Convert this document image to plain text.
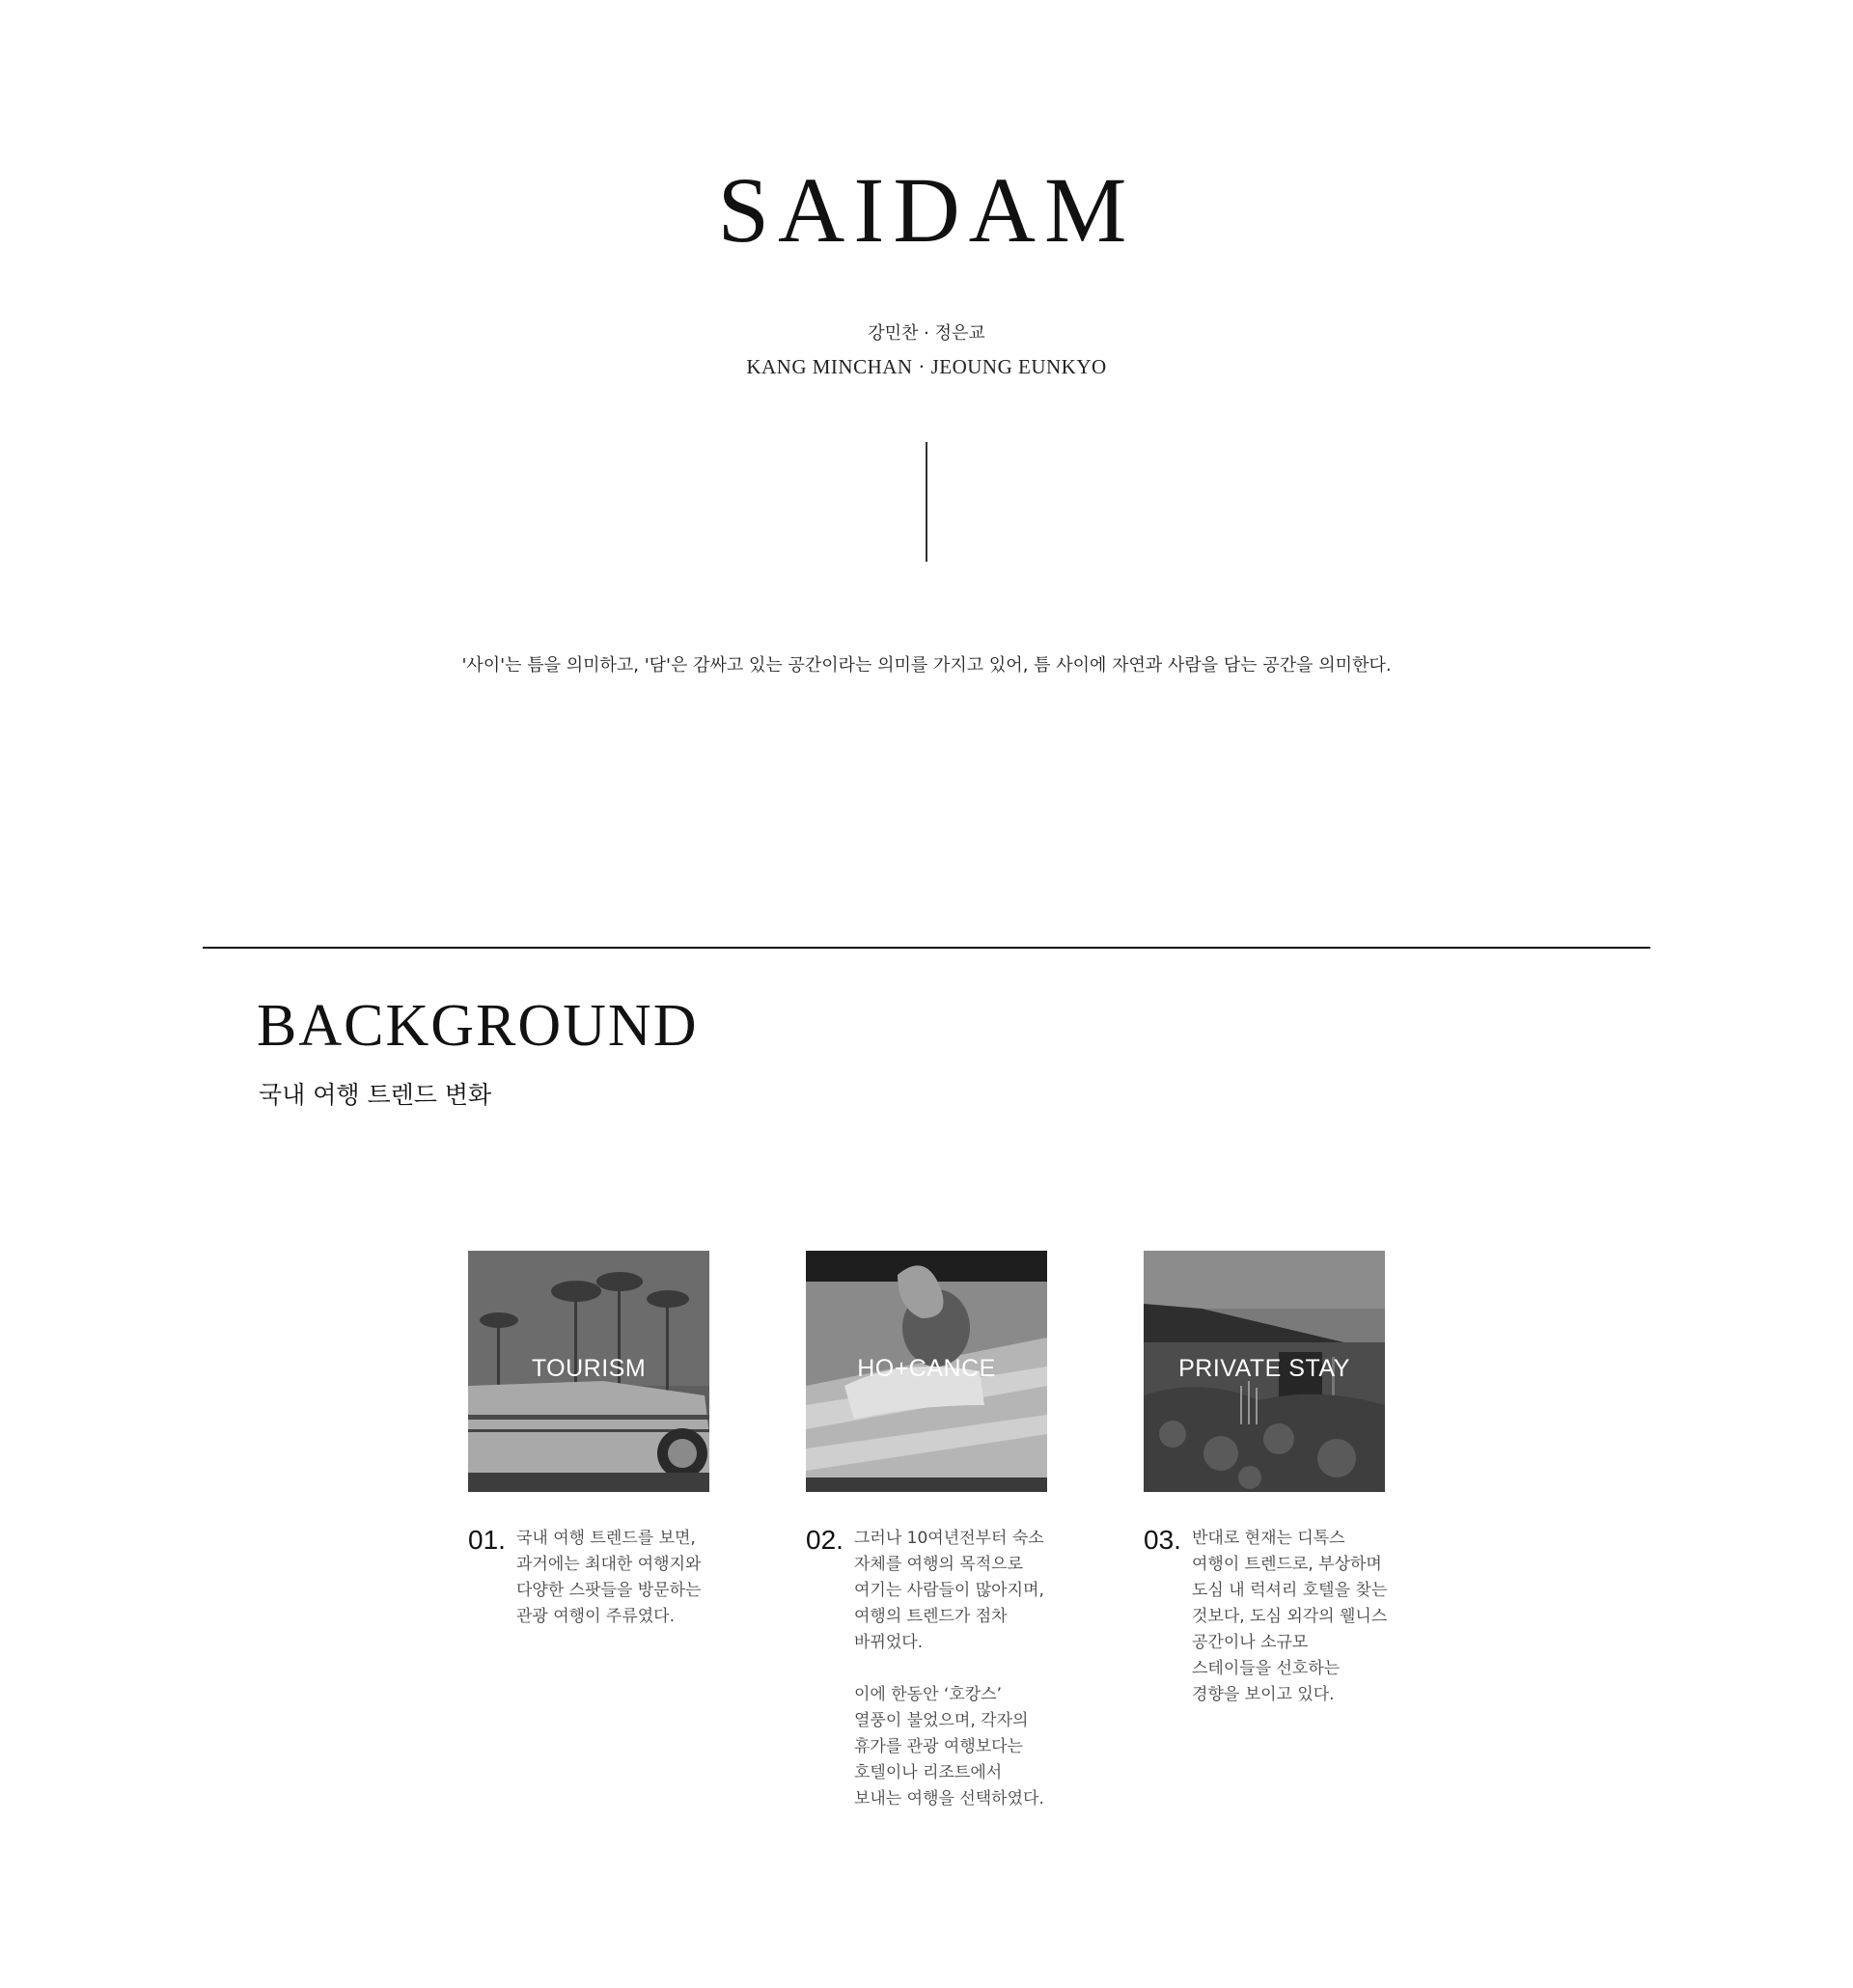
SAIDAM
강민찬 · 정은교
KANG MINCHAN · JEOUNG EUNKYO
'사이'는 틈을 의미하고, '담'은 감싸고 있는 공간이라는 의미를 가지고 있어, 틈 사이에 자연과 사람을 담는 공간을 의미한다.
BACKGROUND
국내 여행 트렌드 변화
TOURISM
01. 국내 여행 트렌드를 보면,
과거에는 최대한 여행지와
다양한 스팟들을 방문하는
관광 여행이 주류였다.

HO+CANCE
02. 그러나 10여년전부터 숙소
자체를 여행의 목적으로
여기는 사람들이 많아지며,
여행의 트렌드가 점차
바뀌었다.

이에 한동안 ‘호캉스’
열풍이 불었으며, 각자의
휴가를 관광 여행보다는
호텔이나 리조트에서
보내는 여행을 선택하였다.

PRIVATE STAY
03. 반대로 현재는 디톡스
여행이 트렌드로, 부상하며
도심 내 럭셔리 호텔을 찾는
것보다, 도심 외각의 웰니스
공간이나 소규모
스테이들을 선호하는
경향을 보이고 있다.
